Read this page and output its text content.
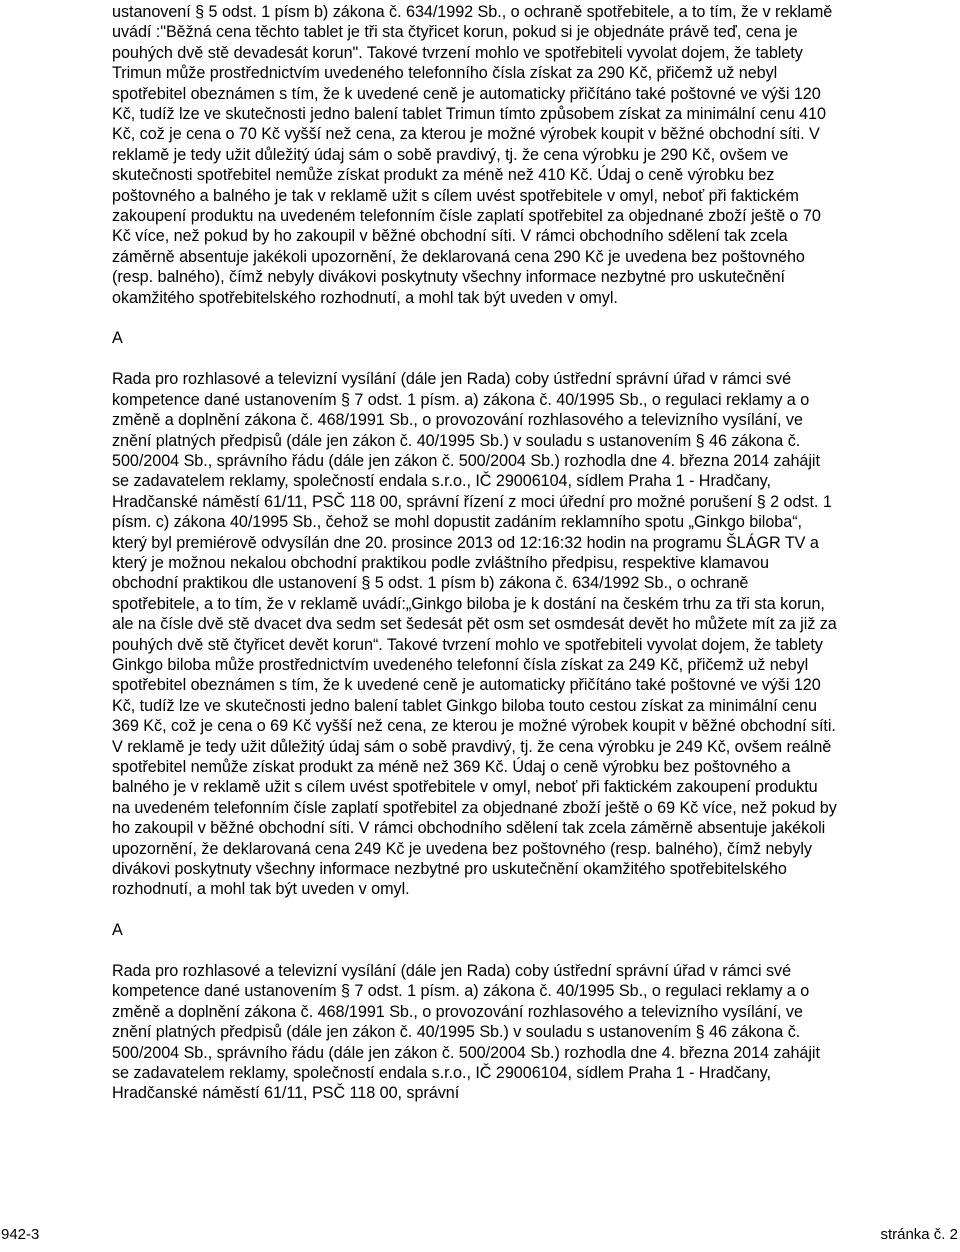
ustanovení § 5 odst. 1 písm b) zákona č. 634/1992 Sb., o ochraně spotřebitele, a to tím, že v reklamě uvádí :"Běžná cena těchto tablet je tři sta čtyřicet korun, pokud si je objednáte právě teď, cena je pouhých dvě stě devadesát korun". Takové tvrzení mohlo ve spotřebiteli vyvolat dojem, že tablety Trimun může prostřednictvím uvedeného telefonního čísla získat za 290 Kč, přičemž už nebyl spotřebitel obeznámen s tím, že k uvedené ceně je automaticky přičítáno také poštovné ve výši 120 Kč, tudíž lze ve skutečnosti jedno balení tablet Trimun tímto způsobem získat za minimální cenu 410 Kč, což je cena o 70 Kč vyšší než cena, za kterou je možné výrobek koupit v běžné obchodní síti. V reklamě je tedy užit důležitý údaj sám o sobě pravdivý, tj. že cena výrobku je 290 Kč, ovšem ve skutečnosti spotřebitel nemůže získat produkt za méně než 410 Kč. Údaj o ceně výrobku bez poštovného a balného je tak v reklamě užit s cílem uvést spotřebitele v omyl, neboť při faktickém zakoupení produktu na uvedeném telefonním čísle zaplatí spotřebitel za objednané zboží ještě o 70 Kč více, než pokud by ho zakoupil v běžné obchodní síti. V rámci obchodního sdělení tak zcela záměrně absentuje jakékoli upozornění, že deklarovaná cena 290 Kč je uvedena bez poštovného (resp. balného), čímž nebyly divákovi poskytnuty všechny informace nezbytné pro uskutečnění okamžitého spotřebitelského rozhodnutí, a mohl tak být uveden v omyl.

A

Rada pro rozhlasové a televizní vysílání (dále jen Rada) coby ústřední správní úřad v rámci své kompetence dané ustanovením § 7 odst. 1 písm. a) zákona č. 40/1995 Sb., o regulaci reklamy a o změně a doplnění zákona č. 468/1991 Sb., o provozování rozhlasového a televizního vysílání, ve znění platných předpisů (dále jen zákon č. 40/1995 Sb.) v souladu s ustanovením § 46 zákona č. 500/2004 Sb., správního řádu (dále jen zákon č. 500/2004 Sb.) rozhodla dne 4. března 2014 zahájit se zadavatelem reklamy, společností endala s.r.o., IČ 29006104, sídlem Praha 1 - Hradčany, Hradčanské náměstí 61/11, PSČ 118 00, správní řízení z moci úřední pro možné porušení § 2 odst. 1 písm. c) zákona 40/1995 Sb., čehož se mohl dopustit zadáním reklamního spotu „Ginkgo biloba“, který byl premiérově odvysílán dne 20. prosince 2013 od 12:16:32 hodin na programu ŠLÁGR TV a který je možnou nekalou obchodní praktikou podle zvláštního předpisu, respektive klamavou obchodní praktikou dle ustanovení § 5 odst. 1 písm b) zákona č. 634/1992 Sb., o ochraně spotřebitele, a to tím, že v reklamě uvádí:„Ginkgo biloba je k dostání na českém trhu za tři sta korun, ale na čísle dvě stě dvacet dva sedm set šedesát pět osm set osmdesát devět ho můžete mít za již za pouhých dvě stě čtyřicet devět korun“. Takové tvrzení mohlo ve spotřebiteli vyvolat dojem, že tablety Ginkgo biloba může prostřednictvím uvedeného telefonní čísla získat za 249 Kč, přičemž už nebyl spotřebitel obeznámen s tím, že k uvedené ceně je automaticky přičítáno také poštovné ve výši 120 Kč, tudíž lze ve skutečnosti jedno balení tablet Ginkgo biloba touto cestou získat za minimální cenu 369 Kč, což je cena o 69 Kč vyšší než cena, ze kterou je možné výrobek koupit v běžné obchodní síti. V reklamě je tedy užit důležitý údaj sám o sobě pravdivý, tj. že cena výrobku je 249 Kč, ovšem reálně spotřebitel nemůže získat produkt za méně než 369 Kč. Údaj o ceně výrobku bez poštovného a balného je v reklamě užit s cílem uvést spotřebitele v omyl, neboť při faktickém zakoupení produktu na uvedeném telefonním čísle zaplatí spotřebitel za objednané zboží ještě o 69 Kč více, než pokud by ho zakoupil v běžné obchodní síti. V rámci obchodního sdělení tak zcela záměrně absentuje jakékoli upozornění, že deklarovaná cena 249 Kč je uvedena bez poštovného (resp. balného), čímž nebyly divákovi poskytnuty všechny informace nezbytné pro uskutečnění okamžitého spotřebitelského rozhodnutí, a mohl tak být uveden v omyl.

A

Rada pro rozhlasové a televizní vysílání (dále jen Rada) coby ústřední správní úřad v rámci své kompetence dané ustanovením § 7 odst. 1 písm. a) zákona č. 40/1995 Sb., o regulaci reklamy a o změně a doplnění zákona č. 468/1991 Sb., o provozování rozhlasového a televizního vysílání, ve znění platných předpisů (dále jen zákon č. 40/1995 Sb.) v souladu s ustanovením § 46 zákona č. 500/2004 Sb., správního řádu (dále jen zákon č. 500/2004 Sb.) rozhodla dne 4. března 2014 zahájit se zadavatelem reklamy, společností endala s.r.o., IČ 29006104, sídlem Praha 1 - Hradčany, Hradčanské náměstí 61/11, PSČ 118 00, správní

942-3	stránka č. 2
